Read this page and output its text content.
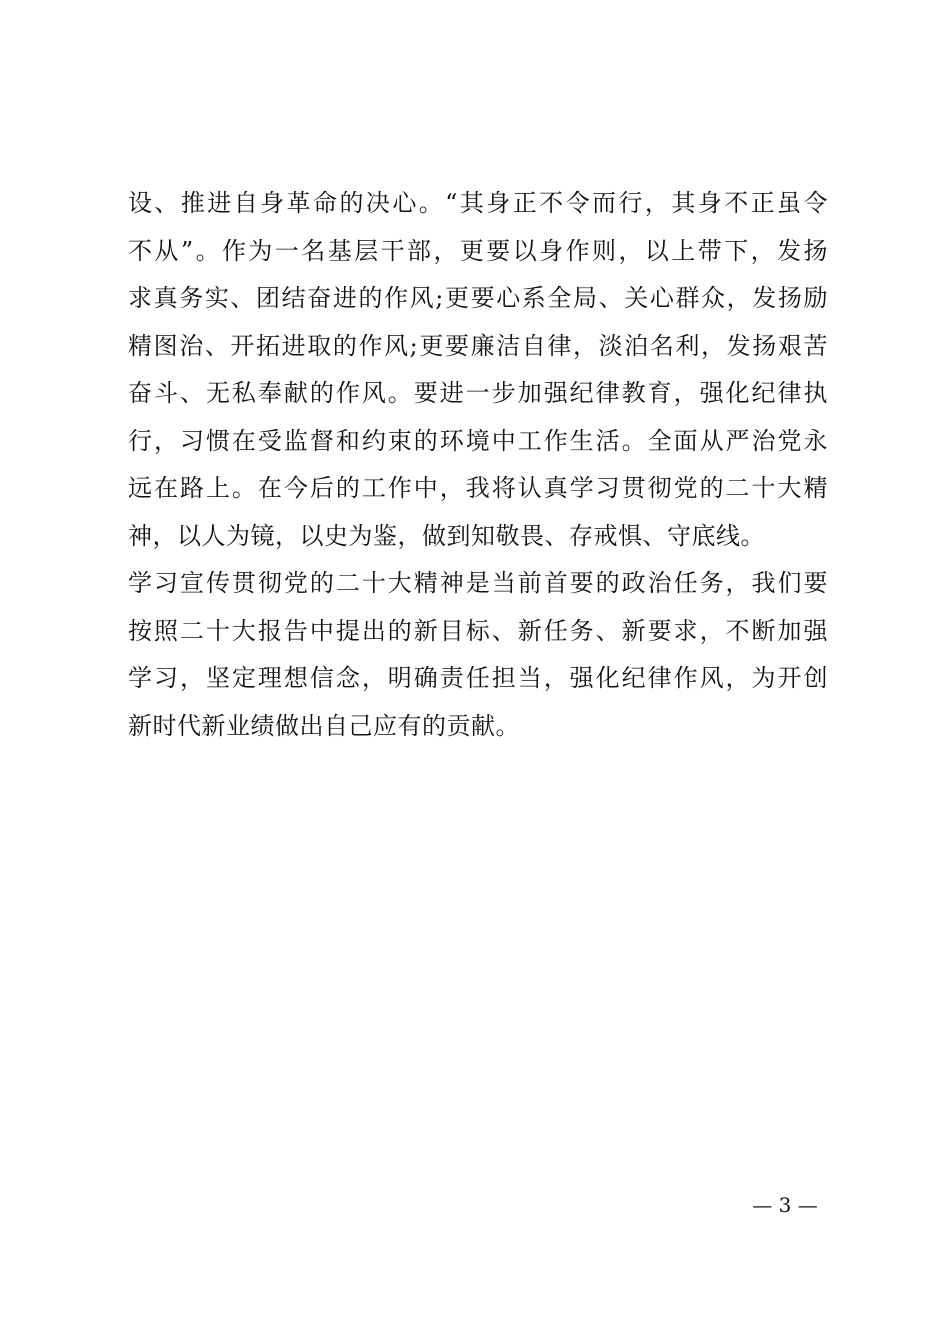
设、推进自身革命的决心。“其身正不令而行，其身不正虽令
不从”。作为一名基层干部，更要以身作则，以上带下，发扬
求真务实、团结奋进的作风;更要心系全局、关心群众，发扬励
精图治、开拓进取的作风;更要廉洁自律，淡泊名利，发扬艰苦
奋斗、无私奉献的作风。要进一步加强纪律教育，强化纪律执
行，习惯在受监督和约束的环境中工作生活。全面从严治党永
远在路上。在今后的工作中，我将认真学习贯彻党的二十大精
神，以人为镜，以史为鉴，做到知敬畏、存戒惧、守底线。
学习宣传贯彻党的二十大精神是当前首要的政治任务，我们要
按照二十大报告中提出的新目标、新任务、新要求，不断加强
学习，坚定理想信念，明确责任担当，强化纪律作风，为开创
新时代新业绩做出自己应有的贡献。
— 3 —
